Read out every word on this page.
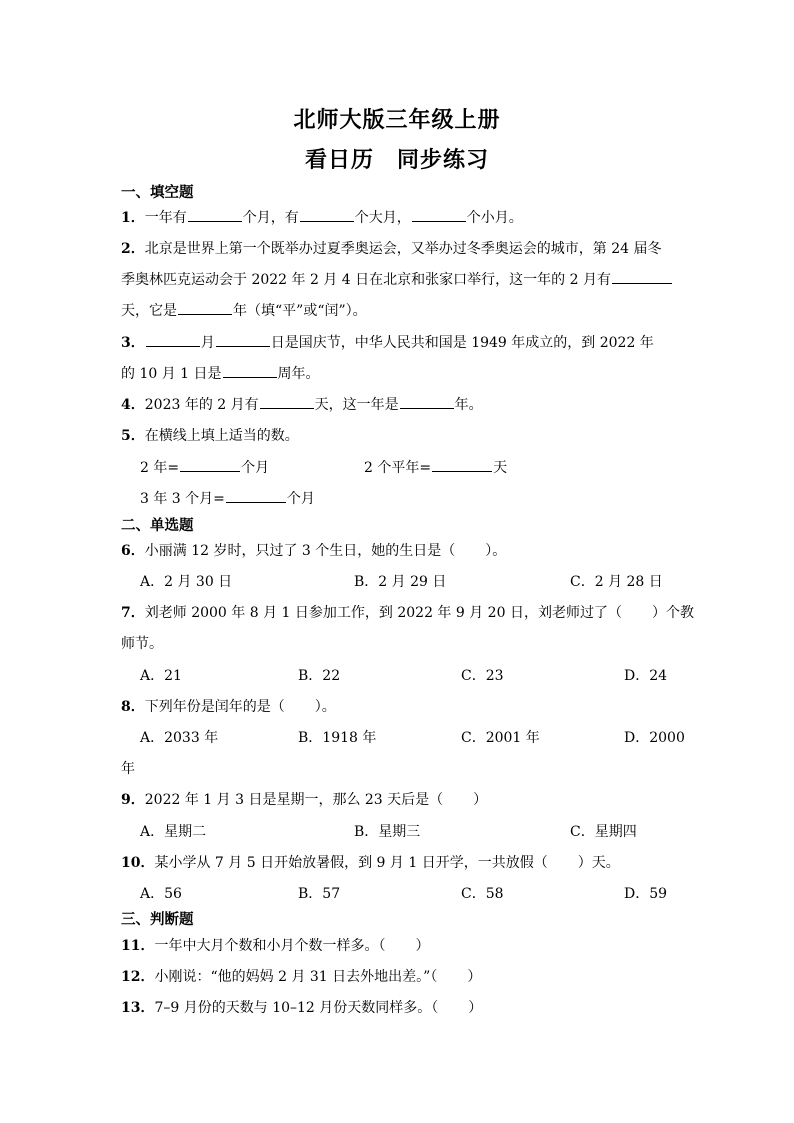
北师大版三年级上册
看日历　同步练习
一、填空题
1．一年有	个月，有	个大月，	个小月。
2．北京是世界上第一个既举办过夏季奥运会，又举办过冬季奥运会的城市，第 24 届冬
季奥林匹克运动会于 2022 年 2 月 4 日在北京和张家口举行，这一年的 2 月有
天，它是	年（填“平”或“闰”）。
3．	月	日是国庆节，中华人民共和国是 1949 年成立的，到 2022 年
的 10 月 1 日是	周年。
4．2023 年的 2 月有	天，这一年是	年。
5．在横线上填上适当的数。
2 年=	个月	2 个平年=	天
3 年 3 个月=	个月
二、单选题
6．小丽满 12 岁时，只过了 3 个生日，她的生日是（ ）。
A．2 月 30 日	B．2 月 29 日	C．2 月 28 日
7．刘老师 2000 年 8 月 1 日参加工作，到 2022 年 9 月 20 日，刘老师过了（ ）个教
师节。
A．21	B．22	C．23	D．24
8．下列年份是闰年的是（ ）。
A．2033 年	B．1918 年	C．2001 年	D．2000
年
9．2022 年 1 月 3 日是星期一，那么 23 天后是（ ）
A．星期二	B．星期三	C．星期四
10．某小学从 7 月 5 日开始放暑假，到 9 月 1 日开学，一共放假（ ）天。
A．56	B．57	C．58	D．59
三、判断题
11．一年中大月个数和小月个数一样多。（ ）
12．小刚说：“他的妈妈 2 月 31 日去外地出差。”（ ）
13．7–9 月份的天数与 10–12 月份天数同样多。（ ）
